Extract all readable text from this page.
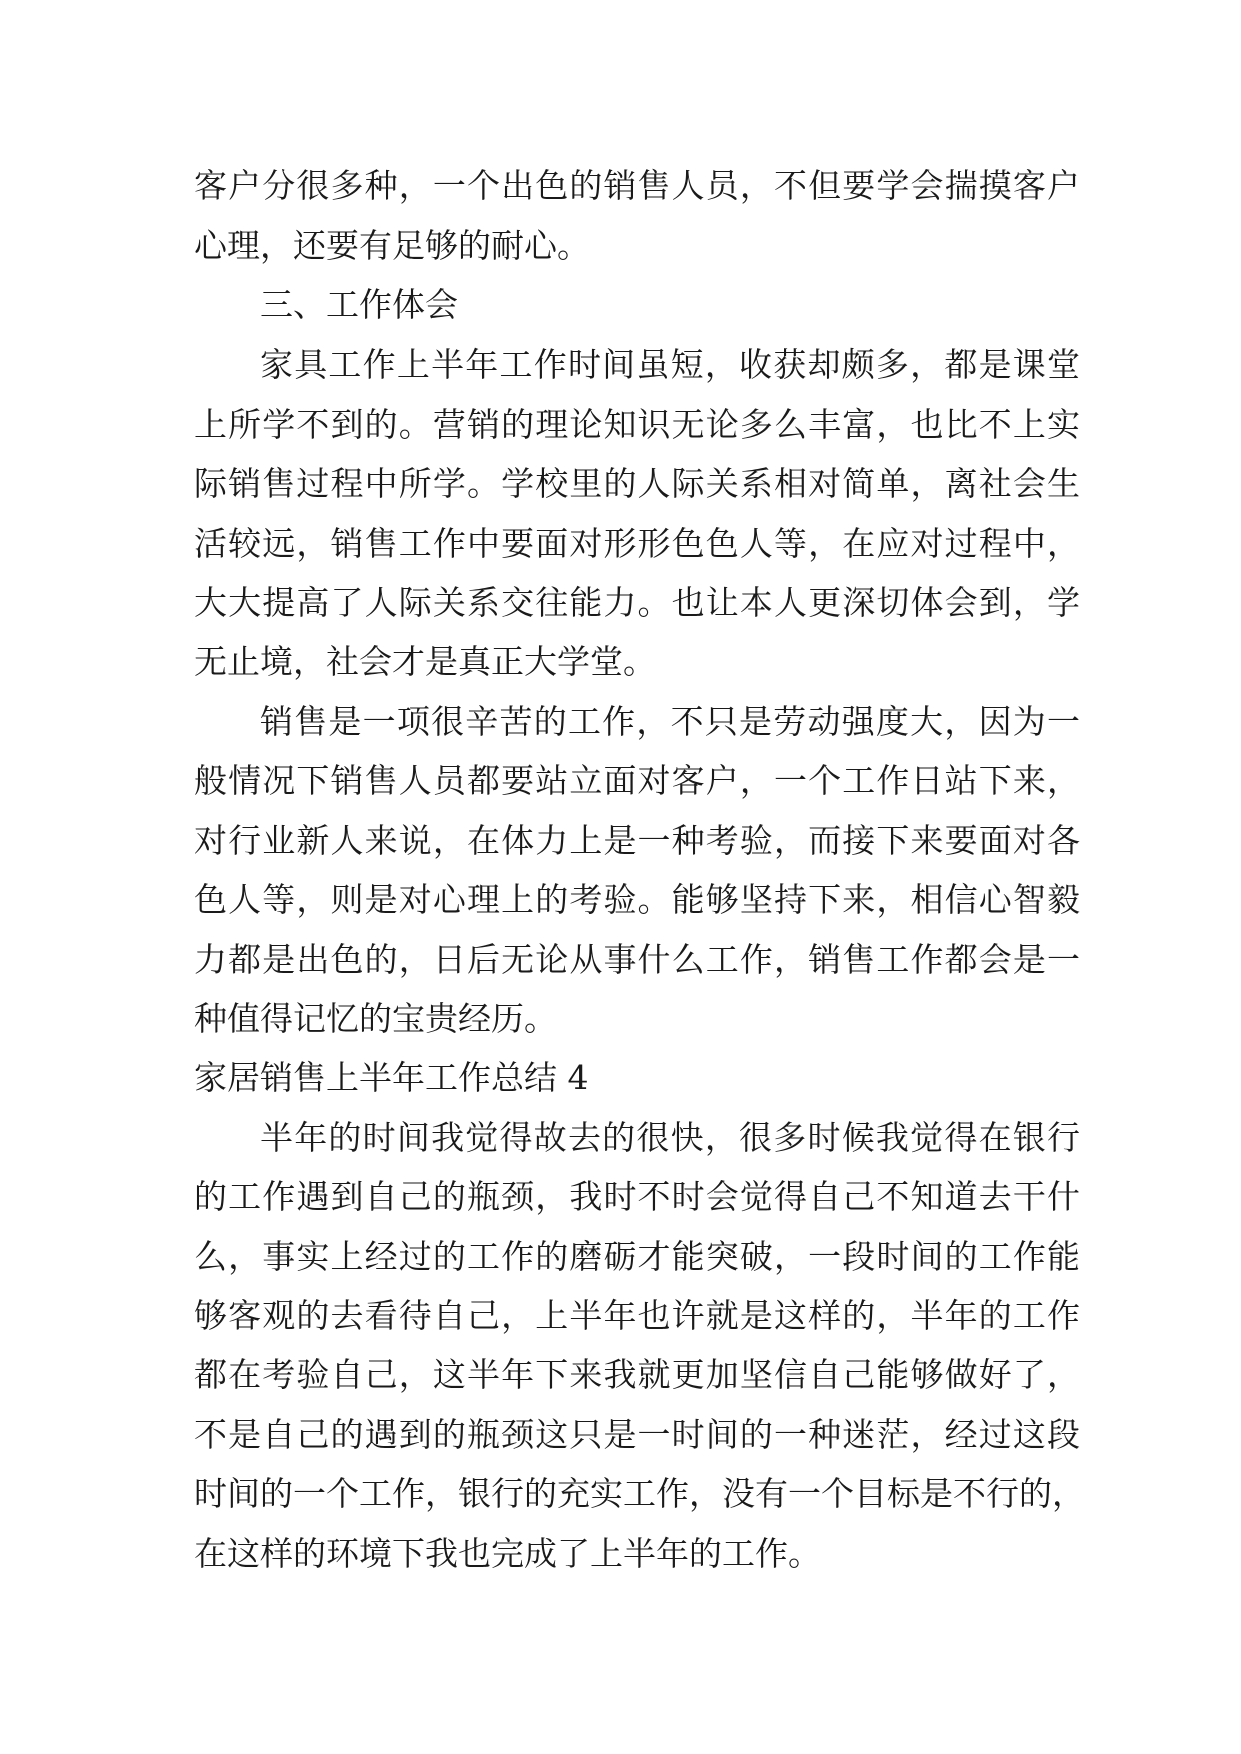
客户分很多种，一个出色的销售人员，不但要学会揣摸客户
心理，还要有足够的耐心。
三、工作体会
家具工作上半年工作时间虽短，收获却颇多，都是课堂
上所学不到的。营销的理论知识无论多么丰富，也比不上实
际销售过程中所学。学校里的人际关系相对简单，离社会生
活较远，销售工作中要面对形形色色人等，在应对过程中，
大大提高了人际关系交往能力。也让本人更深切体会到，学
无止境，社会才是真正大学堂。
销售是一项很辛苦的工作，不只是劳动强度大，因为一
般情况下销售人员都要站立面对客户，一个工作日站下来，
对行业新人来说，在体力上是一种考验，而接下来要面对各
色人等，则是对心理上的考验。能够坚持下来，相信心智毅
力都是出色的，日后无论从事什么工作，销售工作都会是一
种值得记忆的宝贵经历。
家居销售上半年工作总结 4
半年的时间我觉得故去的很快，很多时候我觉得在银行
的工作遇到自己的瓶颈，我时不时会觉得自己不知道去干什
么，事实上经过的工作的磨砺才能突破，一段时间的工作能
够客观的去看待自己，上半年也许就是这样的，半年的工作
都在考验自己，这半年下来我就更加坚信自己能够做好了，
不是自己的遇到的瓶颈这只是一时间的一种迷茫，经过这段
时间的一个工作，银行的充实工作，没有一个目标是不行的，
在这样的环境下我也完成了上半年的工作。
